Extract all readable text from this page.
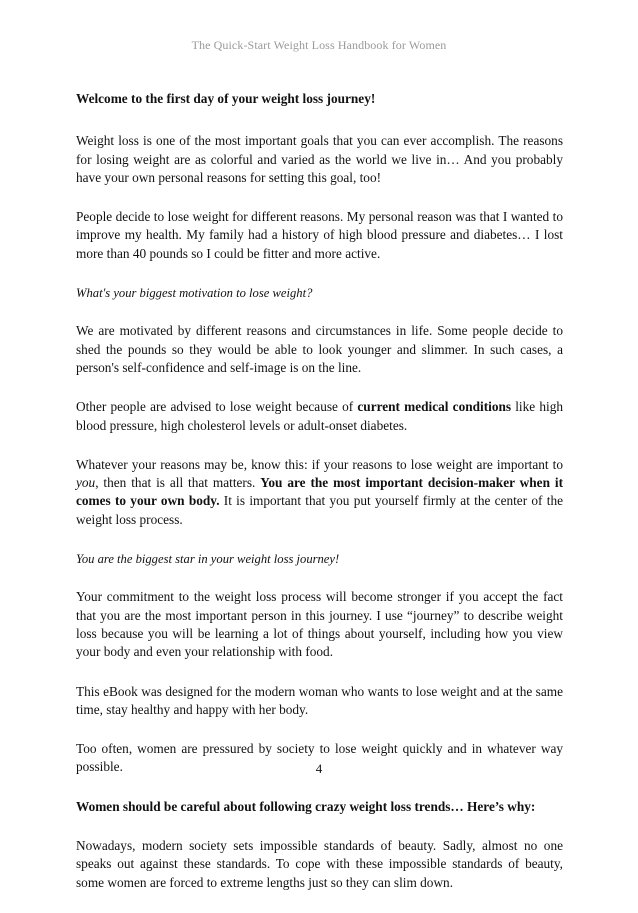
The Quick-Start Weight Loss Handbook for Women

Welcome to the first day of your weight loss journey!

Weight loss is one of the most important goals that you can ever accomplish. The reasons for losing weight are as colorful and varied as the world we live in… And you probably have your own personal reasons for setting this goal, too!

People decide to lose weight for different reasons. My personal reason was that I wanted to improve my health. My family had a history of high blood pressure and diabetes… I lost more than 40 pounds so I could be fitter and more active.

What's your biggest motivation to lose weight?

We are motivated by different reasons and circumstances in life. Some people decide to shed the pounds so they would be able to look younger and slimmer. In such cases, a person's self-confidence and self-image is on the line.

Other people are advised to lose weight because of current medical conditions like high blood pressure, high cholesterol levels or adult-onset diabetes.

Whatever your reasons may be, know this: if your reasons to lose weight are important to you, then that is all that matters. You are the most important decision-maker when it comes to your own body. It is important that you put yourself firmly at the center of the weight loss process.

You are the biggest star in your weight loss journey!

Your commitment to the weight loss process will become stronger if you accept the fact that you are the most important person in this journey. I use “journey” to describe weight loss because you will be learning a lot of things about yourself, including how you view your body and even your relationship with food.

This eBook was designed for the modern woman who wants to lose weight and at the same time, stay healthy and happy with her body.

Too often, women are pressured by society to lose weight quickly and in whatever way possible.

Women should be careful about following crazy weight loss trends… Here’s why:

Nowadays, modern society sets impossible standards of beauty. Sadly, almost no one speaks out against these standards. To cope with these impossible standards of beauty, some women are forced to extreme lengths just so they can slim down.

4
